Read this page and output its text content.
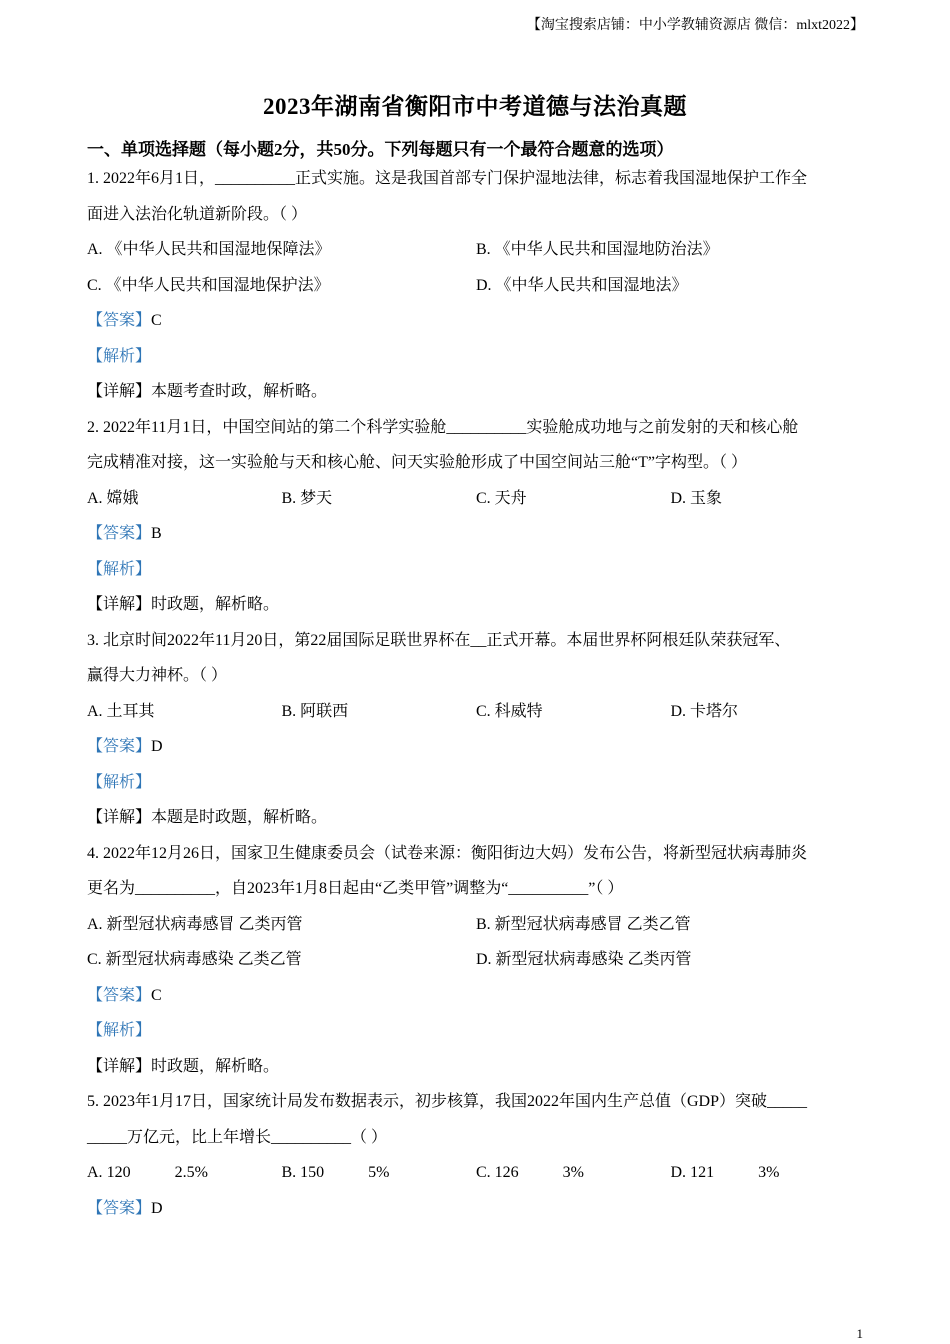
【淘宝搜索店铺：中小学教辅资源店 微信：mlxt2022】
2023年湖南省衡阳市中考道德与法治真题
一、单项选择题（每小题2分，共50分。下列每题只有一个最符合题意的选项）
1. 2022年6月1日，__________正式实施。这是我国首部专门保护湿地法律，标志着我国湿地保护工作全
面进入法治化轨道新阶段。（ ）
A. 《中华人民共和国湿地保障法》	B. 《中华人民共和国湿地防治法》
C. 《中华人民共和国湿地保护法》	D. 《中华人民共和国湿地法》
【答案】C
【解析】
【详解】本题考查时政，解析略。
2. 2022年11月1日，中国空间站的第二个科学实验舱__________实验舱成功地与之前发射的天和核心舱
完成精准对接，这一实验舱与天和核心舱、问天实验舱形成了中国空间站三舱“T”字构型。（ ）
A. 嫦娥	B. 梦天	C. 天舟	D. 玉象
【答案】B
【解析】
【详解】时政题，解析略。
3. 北京时间2022年11月20日，第22届国际足联世界杯在__正式开幕。本届世界杯阿根廷队荣获冠军、
赢得大力神杯。（ ）
A. 土耳其	B. 阿联西	C. 科威特	D. 卡塔尔
【答案】D
【解析】
【详解】本题是时政题，解析略。
4. 2022年12月26日，国家卫生健康委员会（试卷来源：衡阳街边大妈）发布公告，将新型冠状病毒肺炎
更名为__________，自2023年1月8日起由“乙类甲管”调整为“__________”（ ）
A. 新型冠状病毒感冒 乙类丙管	B. 新型冠状病毒感冒 乙类乙管
C. 新型冠状病毒感染 乙类乙管	D. 新型冠状病毒感染 乙类丙管
【答案】C
【解析】
【详解】时政题，解析略。
5. 2023年1月17日，国家统计局发布数据表示，初步核算，我国2022年国内生产总值（GDP）突破_____
_____万亿元，比上年增长__________（ ）
A. 120	2.5%	B. 150	5%	C. 126	3%	D. 121	3%
【答案】D
1
